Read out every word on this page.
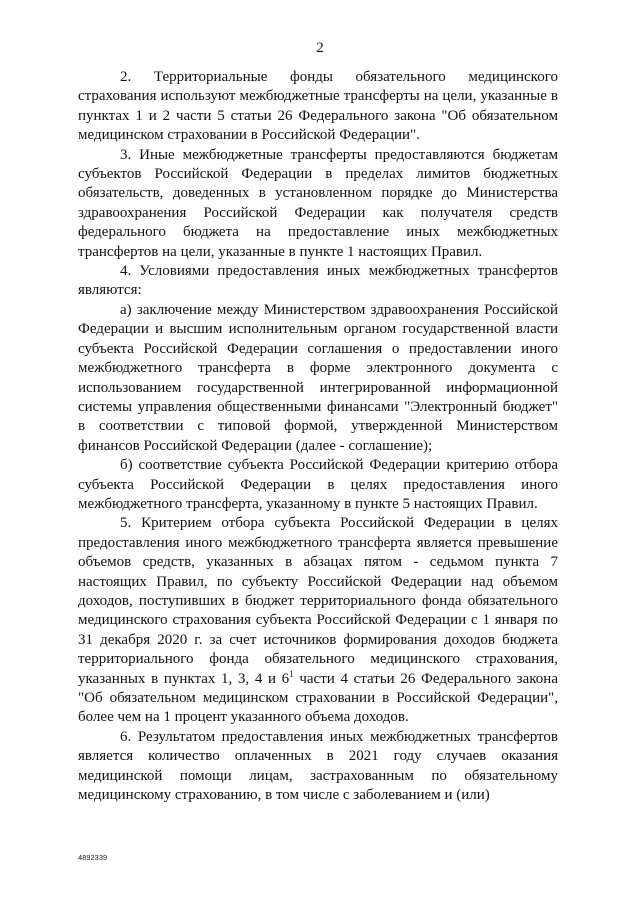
2

2. Территориальные фонды обязательного медицинского страхования используют межбюджетные трансферты на цели, указанные в пунктах 1 и 2 части 5 статьи 26 Федерального закона "Об обязательном медицинском страховании в Российской Федерации".

3. Иные межбюджетные трансферты предоставляются бюджетам субъектов Российской Федерации в пределах лимитов бюджетных обязательств, доведенных в установленном порядке до Министерства здравоохранения Российской Федерации как получателя средств федерального бюджета на предоставление иных межбюджетных трансфертов на цели, указанные в пункте 1 настоящих Правил.

4. Условиями предоставления иных межбюджетных трансфертов являются:

а) заключение между Министерством здравоохранения Российской Федерации и высшим исполнительным органом государственной власти субъекта Российской Федерации соглашения о предоставлении иного межбюджетного трансферта в форме электронного документа с использованием государственной интегрированной информационной системы управления общественными финансами "Электронный бюджет" в соответствии с типовой формой, утвержденной Министерством финансов Российской Федерации (далее - соглашение);

б) соответствие субъекта Российской Федерации критерию отбора субъекта Российской Федерации в целях предоставления иного межбюджетного трансферта, указанному в пункте 5 настоящих Правил.

5. Критерием отбора субъекта Российской Федерации в целях предоставления иного межбюджетного трансферта является превышение объемов средств, указанных в абзацах пятом - седьмом пункта 7 настоящих Правил, по субъекту Российской Федерации над объемом доходов, поступивших в бюджет территориального фонда обязательного медицинского страхования субъекта Российской Федерации с 1 января по 31 декабря 2020 г. за счет источников формирования доходов бюджета территориального фонда обязательного медицинского страхования, указанных в пунктах 1, 3, 4 и $6^1$ части 4 статьи 26 Федерального закона "Об обязательном медицинском страховании в Российской Федерации", более чем на 1 процент указанного объема доходов.

6. Результатом предоставления иных межбюджетных трансфертов является количество оплаченных в 2021 году случаев оказания медицинской помощи лицам, застрахованным по обязательному медицинскому страхованию, в том числе с заболеванием и (или)

4892339
